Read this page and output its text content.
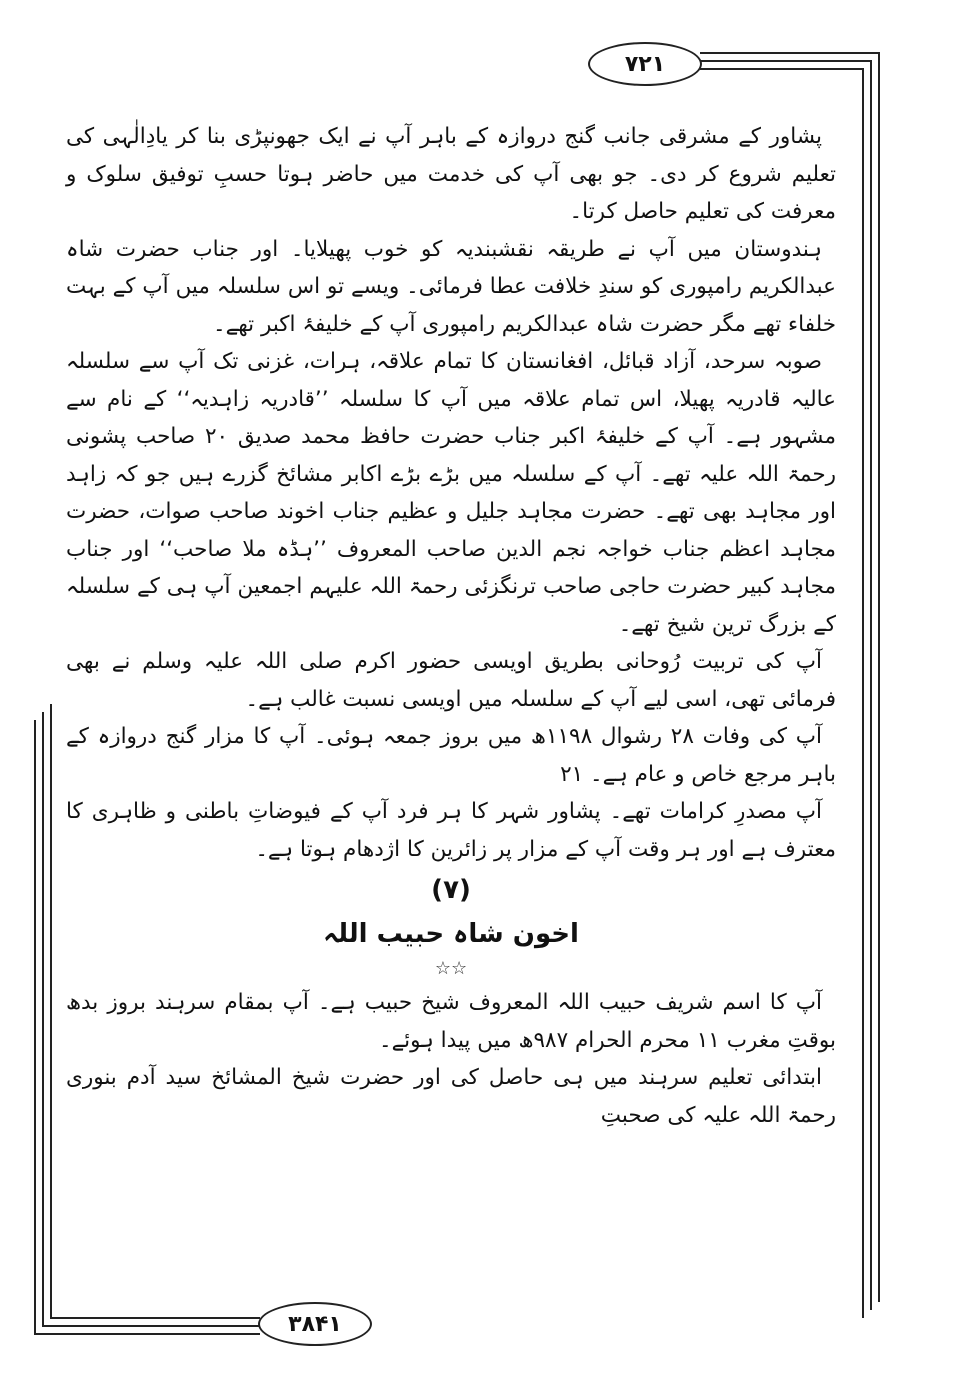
۷۲۱

پشاور کے مشرقی جانب گنج دروازہ کے باہر آپ نے ایک جھونپڑی بنا کر یادِالٰہی کی تعلیم شروع کر دی۔ جو بھی آپ کی خدمت میں حاضر ہوتا حسبِ توفیق سلوک و معرفت کی تعلیم حاصل کرتا۔

ہندوستان میں آپ نے طریقہ نقشبندیہ کو خوب پھیلایا۔ اور جناب حضرت شاہ عبدالکریم رامپوری کو سندِ خلافت عطا فرمائی۔ ویسے تو اس سلسلہ میں آپ کے بہت خلفاء تھے مگر حضرت شاہ عبدالکریم رامپوری آپ کے خلیفۂ اکبر تھے۔

صوبہ سرحد، آزاد قبائل، افغانستان کا تمام علاقہ، ہرات، غزنی تک آپ سے سلسلہ عالیہ قادریہ پھیلا، اس تمام علاقہ میں آپ کا سلسلہ ’’قادریہ زاہدیہ‘‘ کے نام سے مشہور ہے۔ آپ کے خلیفۂ اکبر جناب حضرت حافظ محمد صدیق ۲۰ صاحب پشونی رحمۃ اللہ علیہ تھے۔ آپ کے سلسلہ میں بڑے بڑے اکابر مشائخ گزرے ہیں جو کہ زاہد اور مجاہد بھی تھے۔ حضرت مجاہد جلیل و عظیم جناب اخوند صاحب صوات، حضرت مجاہد اعظم جناب خواجہ نجم الدین صاحب المعروف ’’ہڈہ ملا صاحب‘‘ اور جناب مجاہد کبیر حضرت حاجی صاحب ترنگزئی رحمۃ اللہ علیہم اجمعین آپ ہی کے سلسلہ کے بزرگ ترین شیخ تھے۔

آپ کی تربیت رُوحانی بطریق اویسی حضور اکرم صلی اللہ علیہ وسلم نے بھی فرمائی تھی، اسی لیے آپ کے سلسلہ میں اویسی نسبت غالب ہے۔

آپ کی وفات ۲۸ رشوال ۱۱۹۸ھ میں بروز جمعہ ہوئی۔ آپ کا مزار گنج دروازہ کے باہر مرجع خاص و عام ہے۔ ۲۱

آپ مصدرِ کرامات تھے۔ پشاور شہر کا ہر فرد آپ کے فیوضاتِ باطنی و ظاہری کا معترف ہے اور ہر وقت آپ کے مزار پر زائرین کا اژدھام ہوتا ہے۔

(۷)
اخون شاہ حبیب اللہ
☆☆

آپ کا اسم شریف حبیب اللہ المعروف شیخ حبیب ہے۔ آپ بمقام سرہند بروز بدھ بوقتِ مغرب ۱۱ محرم الحرام ۹۸۷ھ میں پیدا ہوئے۔

ابتدائی تعلیم سرہند میں ہی حاصل کی اور حضرت شیخ المشائخ سید آدم بنوری رحمۃ اللہ علیہ کی صحبتِ

۳۸۴۱
